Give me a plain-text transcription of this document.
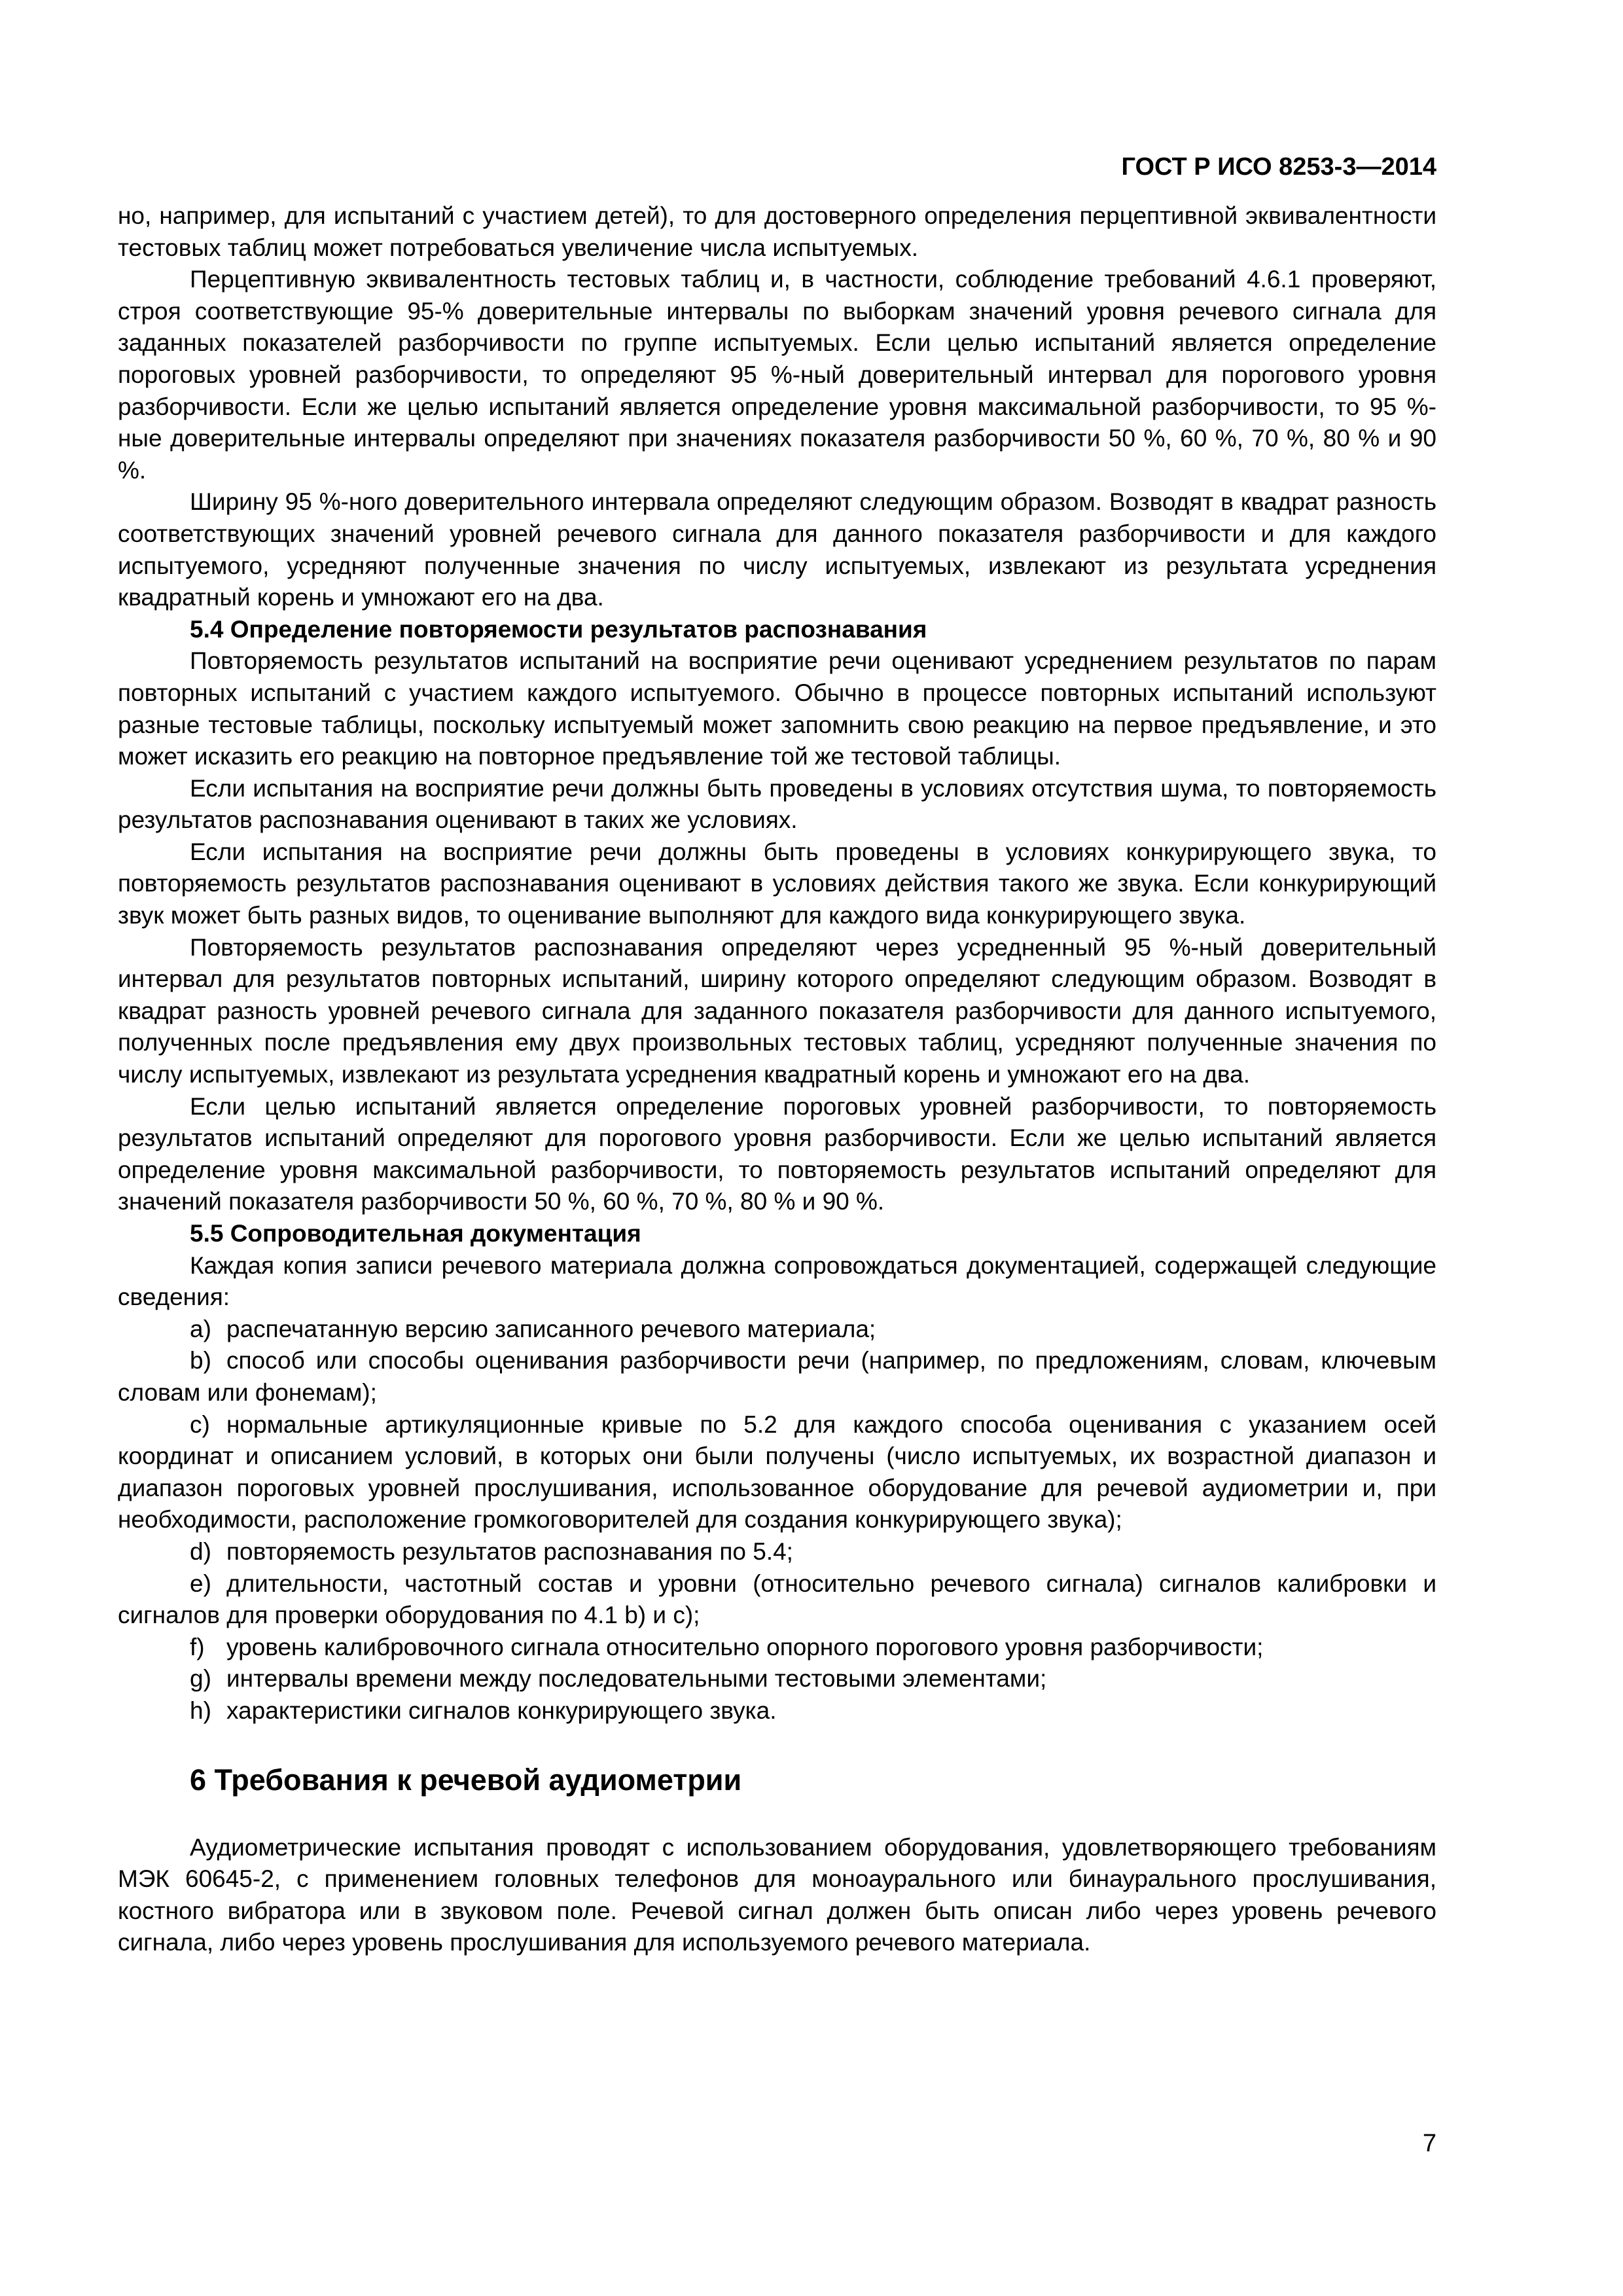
ГОСТ Р ИСО 8253-3—2014

но, например, для испытаний с участием детей), то для достоверного определения перцептивной эквивалентности тестовых таблиц может потребоваться увеличение числа испытуемых.

Перцептивную эквивалентность тестовых таблиц и, в частности, соблюдение требований 4.6.1 проверяют, строя соответствующие 95-% доверительные интервалы по выборкам значений уровня речевого сигнала для заданных показателей разборчивости по группе испытуемых. Если целью испытаний является определение пороговых уровней разборчивости, то определяют 95 %-ный доверительный интервал для порогового уровня разборчивости. Если же целью испытаний является определение уровня максимальной разборчивости, то 95 %-ные доверительные интервалы определяют при значениях показателя разборчивости 50 %, 60 %, 70 %, 80 % и 90 %.

Ширину 95 %-ного доверительного интервала определяют следующим образом. Возводят в квадрат разность соответствующих значений уровней речевого сигнала для данного показателя разборчивости и для каждого испытуемого, усредняют полученные значения по числу испытуемых, извлекают из результата усреднения квадратный корень и умножают его на два.

5.4 Определение повторяемости результатов распознавания

Повторяемость результатов испытаний на восприятие речи оценивают усреднением результатов по парам повторных испытаний с участием каждого испытуемого. Обычно в процессе повторных испытаний используют разные тестовые таблицы, поскольку испытуемый может запомнить свою реакцию на первое предъявление, и это может исказить его реакцию на повторное предъявление той же тестовой таблицы.

Если испытания на восприятие речи должны быть проведены в условиях отсутствия шума, то повторяемость результатов распознавания оценивают в таких же условиях.

Если испытания на восприятие речи должны быть проведены в условиях конкурирующего звука, то повторяемость результатов распознавания оценивают в условиях действия такого же звука. Если конкурирующий звук может быть разных видов, то оценивание выполняют для каждого вида конкурирующего звука.

Повторяемость результатов распознавания определяют через усредненный 95 %-ный доверительный интервал для результатов повторных испытаний, ширину которого определяют следующим образом. Возводят в квадрат разность уровней речевого сигнала для заданного показателя разборчивости для данного испытуемого, полученных после предъявления ему двух произвольных тестовых таблиц, усредняют полученные значения по числу испытуемых, извлекают из результата усреднения квадратный корень и умножают его на два.

Если целью испытаний является определение пороговых уровней разборчивости, то повторяемость результатов испытаний определяют для порогового уровня разборчивости. Если же целью испытаний является определение уровня максимальной разборчивости, то повторяемость результатов испытаний определяют для значений показателя разборчивости 50 %, 60 %, 70 %, 80 % и 90 %.

5.5 Сопроводительная документация

Каждая копия записи речевого материала должна сопровождаться документацией, содержащей следующие сведения:

a) распечатанную версию записанного речевого материала;

b) способ или способы оценивания разборчивости речи (например, по предложениям, словам, ключевым словам или фонемам);

c) нормальные артикуляционные кривые по 5.2 для каждого способа оценивания с указанием осей координат и описанием условий, в которых они были получены (число испытуемых, их возрастной диапазон и диапазон пороговых уровней прослушивания, использованное оборудование для речевой аудиометрии и, при необходимости, расположение громкоговорителей для создания конкурирующего звука);

d) повторяемость результатов распознавания по 5.4;

e) длительности, частотный состав и уровни (относительно речевого сигнала) сигналов калибровки и сигналов для проверки оборудования по 4.1 b) и c);

f) уровень калибровочного сигнала относительно опорного порогового уровня разборчивости;

g) интервалы времени между последовательными тестовыми элементами;

h) характеристики сигналов конкурирующего звука.

6 Требования к речевой аудиометрии

Аудиометрические испытания проводят с использованием оборудования, удовлетворяющего требованиям МЭК 60645-2, с применением головных телефонов для моноаурального или бинаурального прослушивания, костного вибратора или в звуковом поле. Речевой сигнал должен быть описан либо через уровень речевого сигнала, либо через уровень прослушивания для используемого речевого материала.

7
